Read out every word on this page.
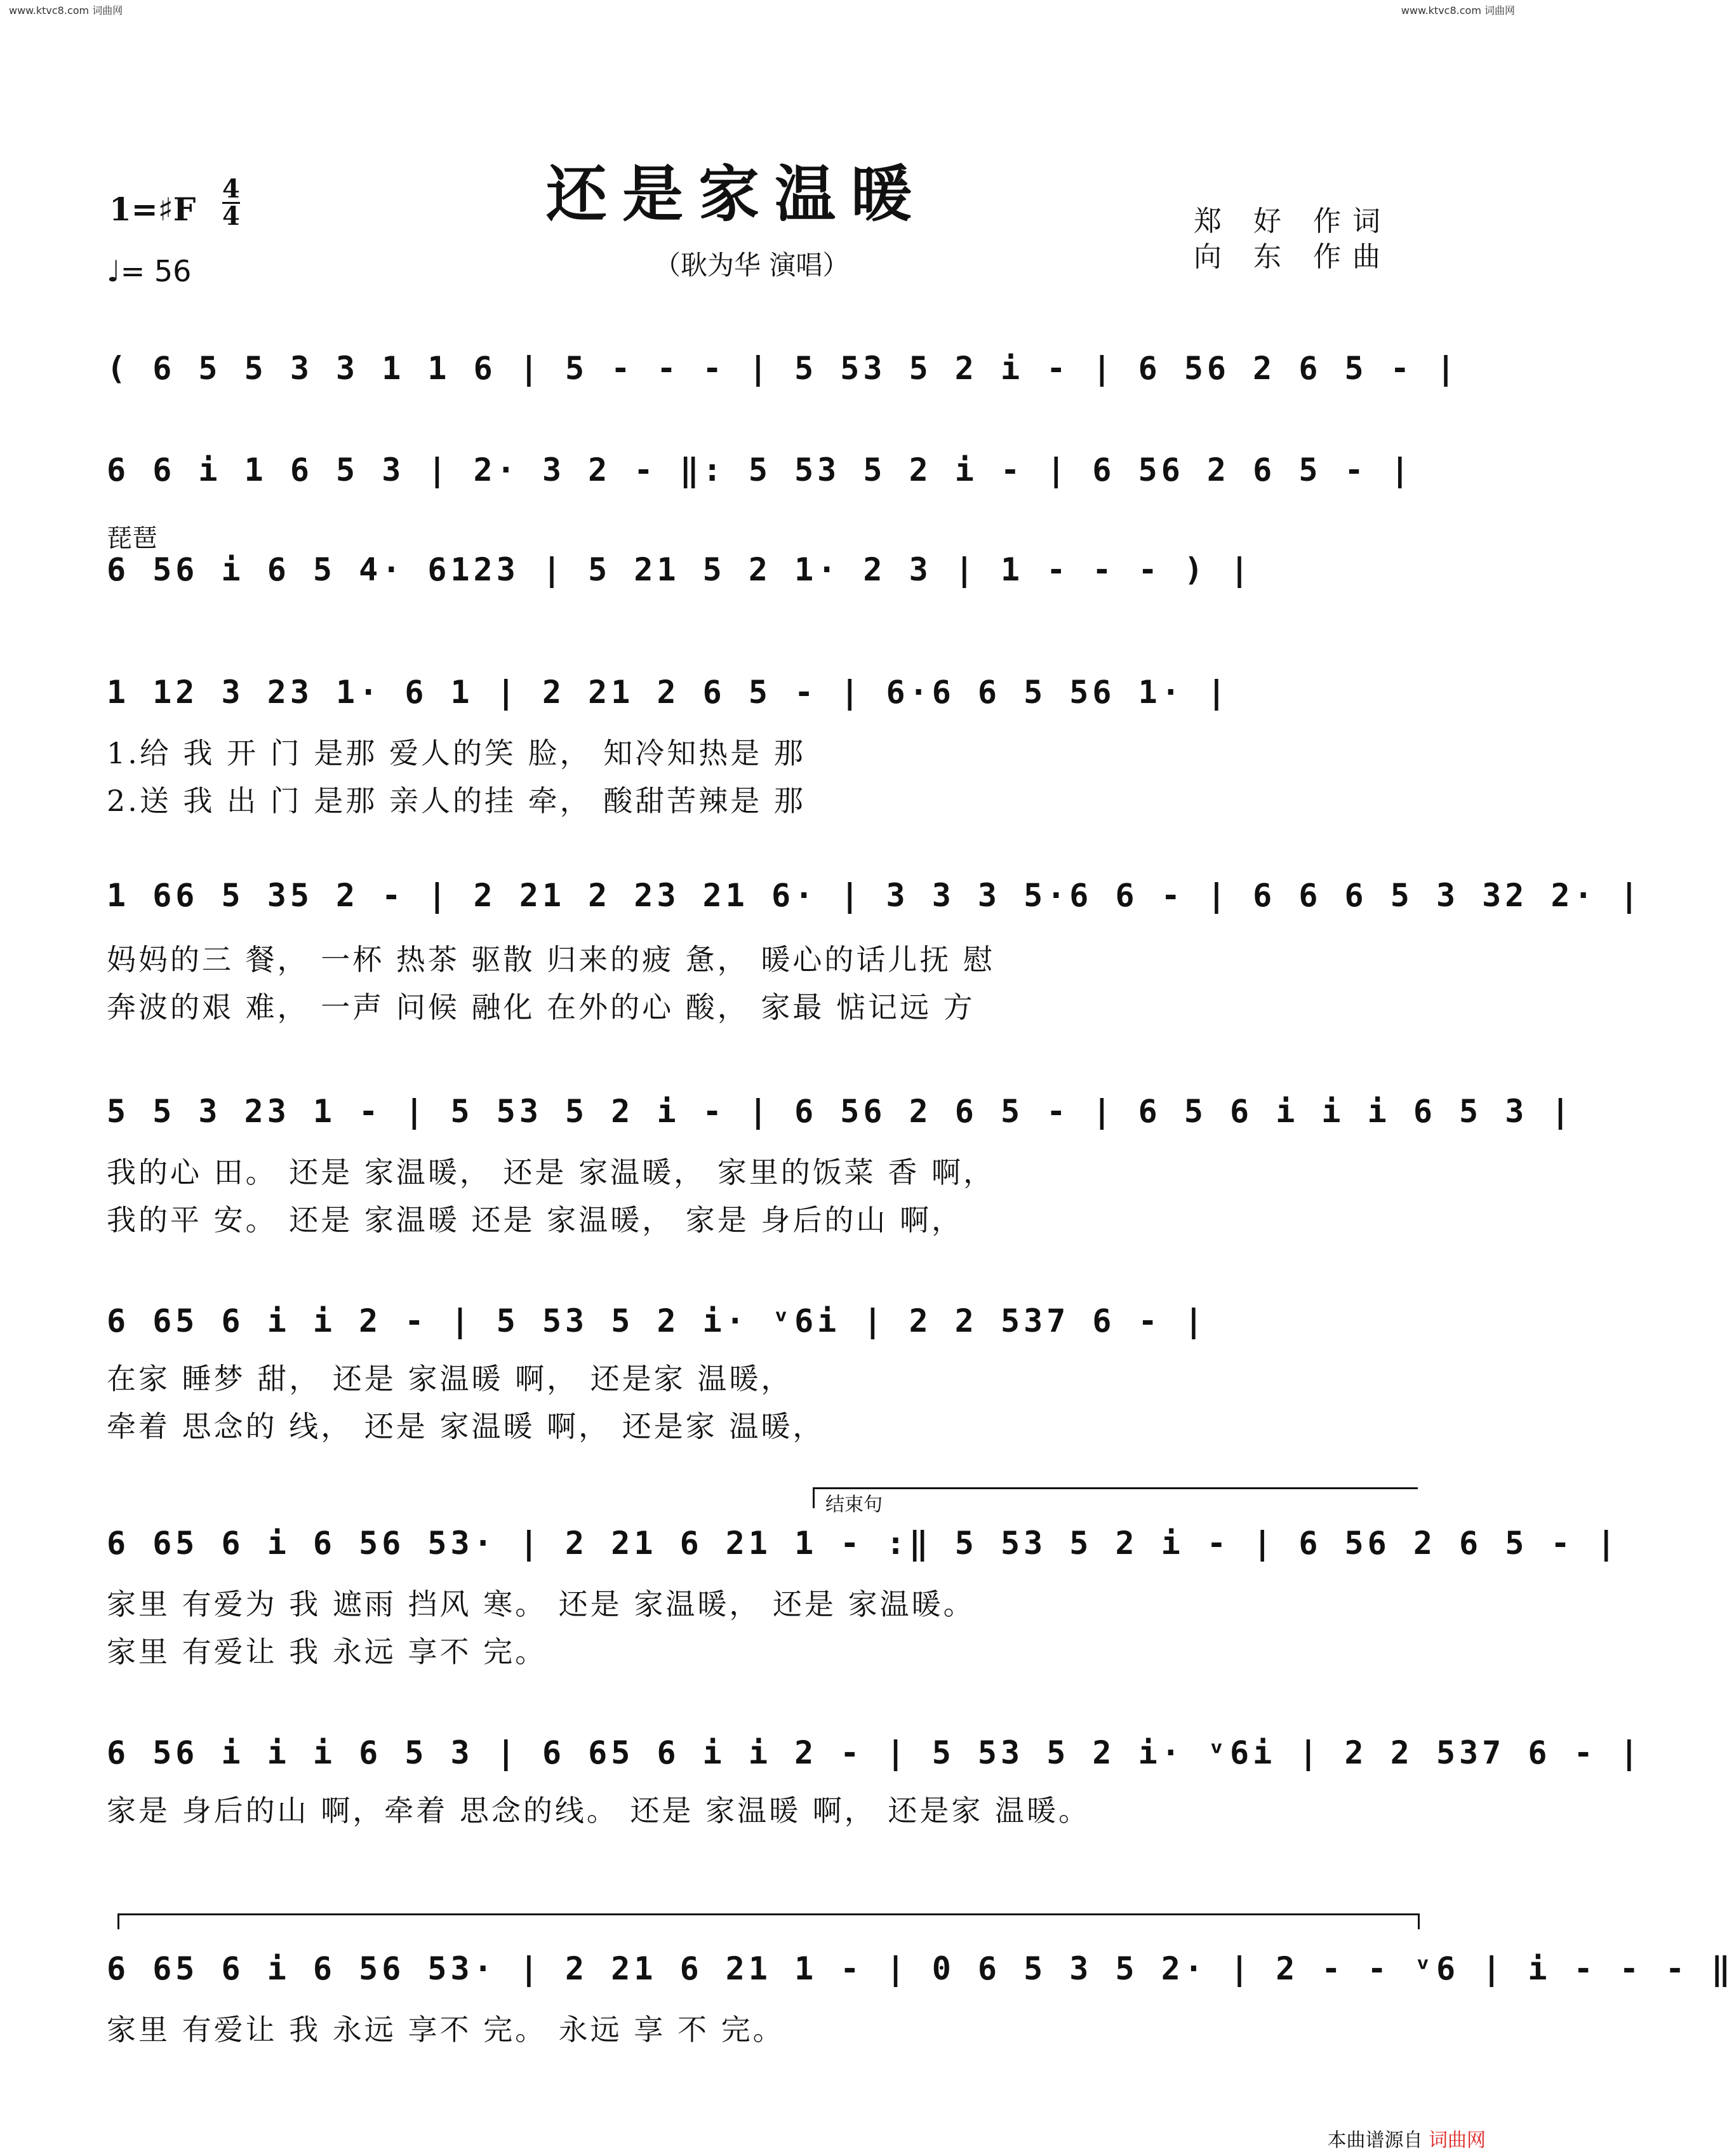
www.ktvc8.com 词曲网	www.ktvc8.com 词曲网
本曲谱源自 词曲网
还是家温暖
（耿为华 演唱）
1=♯F
4
4
♩= 56
郑 好 作词
向 东 作曲
( 6 5 5 3 3 1 1 6 | 5 - - - | 5 53 5 2 i - | 6 56 2 6 5 - |
6 6 i 1 6 5 3 | 2· 3 2 - ‖: 5 53 5 2 i - | 6 56 2 6 5 - |
琵琶
6 56 i 6 5 4· 6123 | 5 21 5 2 1· 2 3 | 1 - - - ) |
1 12 3 23 1· 6 1 | 2 21 2 6 5 - | 6·6 6 5 56 1· |
1.给 我 开 门 是那 爱人的笑 脸， 知冷知热是 那
2.送 我 出 门 是那 亲人的挂 牵， 酸甜苦辣是 那
1 66 5 35 2 - | 2 21 2 23 21 6· | 3 3 3 5·6 6 - | 6 6 6 5 3 32 2· |
妈妈的三 餐， 一杯 热茶 驱散 归来的疲 惫， 暖心的话儿抚 慰
奔波的艰 难， 一声 问候 融化 在外的心 酸， 家最 惦记远 方
5 5 3 23 1 - | 5 53 5 2 i - | 6 56 2 6 5 - | 6 5 6 i i i 6 5 3 |
我的心 田。 还是 家温暖， 还是 家温暖， 家里的饭菜 香 啊，
我的平 安。 还是 家温暖 还是 家温暖， 家是 身后的山 啊，
6 65 6 i i 2 - | 5 53 5 2 i· ᵛ6i | 2 2 537 6 - |
在家 睡梦 甜， 还是 家温暖 啊， 还是家 温暖，
牵着 思念的 线， 还是 家温暖 啊， 还是家 温暖，
结束句
6 65 6 i 6 56 53· | 2 21 6 21 1 - :‖ 5 53 5 2 i - | 6 56 2 6 5 - |
家里 有爱为 我 遮雨 挡风 寒。 还是 家温暖， 还是 家温暖。
家里 有爱让 我 永远 享不 完。
6 56 i i i 6 5 3 | 6 65 6 i i 2 - | 5 53 5 2 i· ᵛ6i | 2 2 537 6 - |
家是 身后的山 啊，牵着 思念的线。 还是 家温暖 啊， 还是家 温暖。
6 65 6 i 6 56 53· | 2 21 6 21 1 - | 0 6 5 3 5 2· | 2 - - ᵛ6 | i - - - ‖
家里 有爱让 我 永远 享不 完。 永远 享 不 完。
